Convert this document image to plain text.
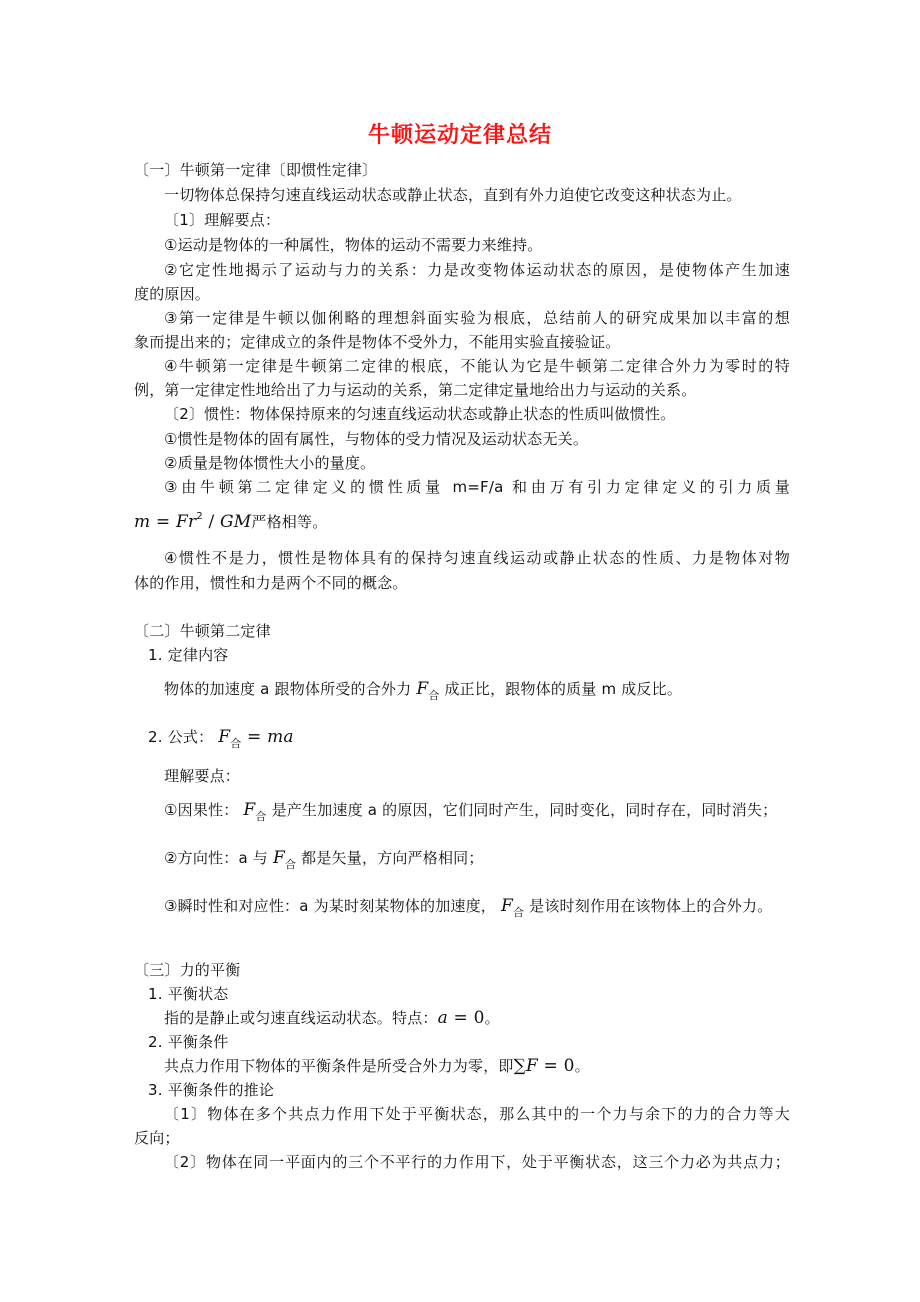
牛顿运动定律总结
〔一〕牛顿第一定律〔即惯性定律〕
一切物体总保持匀速直线运动状态或静止状态，直到有外力迫使它改变这种状态为止。
〔1〕理解要点：
①运动是物体的一种属性，物体的运动不需要力来维持。
②它定性地揭示了运动与力的关系：力是改变物体运动状态的原因，是使物体产生加速
度的原因。
③第一定律是牛顿以伽俐略的理想斜面实验为根底，总结前人的研究成果加以丰富的想
象而提出来的；定律成立的条件是物体不受外力，不能用实验直接验证。
④牛顿第一定律是牛顿第二定律的根底，不能认为它是牛顿第二定律合外力为零时的特
例，第一定律定性地给出了力与运动的关系，第二定律定量地给出力与运动的关系。
〔2〕惯性：物体保持原来的匀速直线运动状态或静止状态的性质叫做惯性。
①惯性是物体的固有属性，与物体的受力情况及运动状态无关。
②质量是物体惯性大小的量度。
③由牛顿第二定律定义的惯性质量 m=F/a 和由万有引力定律定义的引力质量
$m = Fr^2$ / GM严格相等。
④惯性不是力，惯性是物体具有的保持匀速直线运动或静止状态的性质、力是物体对物
体的作用，惯性和力是两个不同的概念。
〔二〕牛顿第二定律
1. 定律内容
物体的加速度 a 跟物体所受的合外力 $F_合$ 成正比，跟物体的质量 m 成反比。
2. 公式： $F_合$ = ma
理解要点：
①因果性： $F_合$ 是产生加速度 a 的原因，它们同时产生，同时变化，同时存在，同时消失；
②方向性：a 与 $F_合$ 都是矢量，方向严格相同；
③瞬时性和对应性：a 为某时刻某物体的加速度， $F_合$ 是该时刻作用在该物体上的合外力。
〔三〕力的平衡
1. 平衡状态
指的是静止或匀速直线运动状态。特点：a = 0。
2. 平衡条件
共点力作用下物体的平衡条件是所受合外力为零，即∑F = 0。
3. 平衡条件的推论
〔1〕物体在多个共点力作用下处于平衡状态，那么其中的一个力与余下的力的合力等大
反向；
〔2〕物体在同一平面内的三个不平行的力作用下，处于平衡状态，这三个力必为共点力；
